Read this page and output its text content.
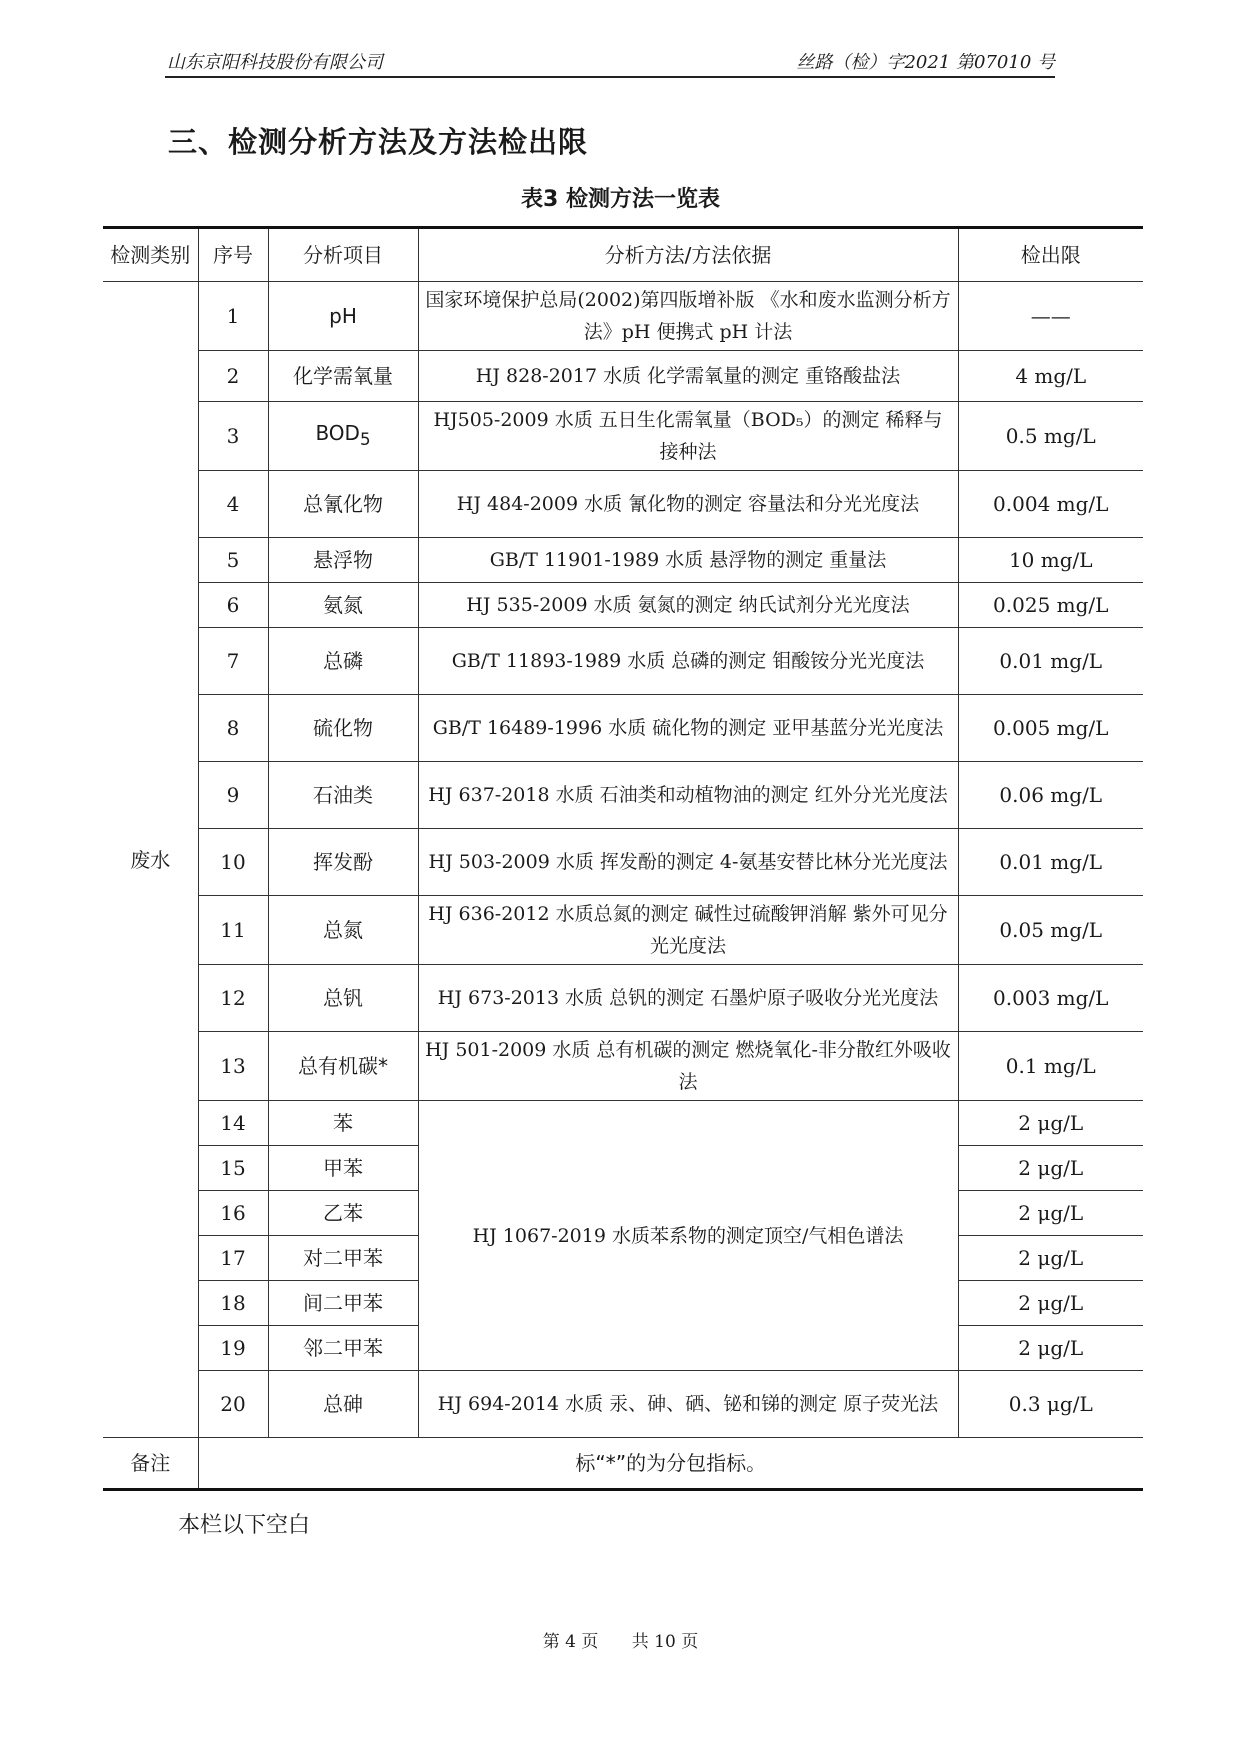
山东京阳科技股份有限公司	丝路（检）字2021 第07010 号
三、检测分析方法及方法检出限
表3 检测方法一览表
检测类别	序号	分析项目	分析方法/方法依据	检出限
废水	1	pH	国家环境保护总局(2002)第四版增补版 《水和废水监测分析方法》pH 便携式 pH 计法	——
	2	化学需氧量	HJ 828-2017 水质 化学需氧量的测定 重铬酸盐法	4 mg/L
	3	$BOD_5$	HJ505-2009 水质 五日生化需氧量（BOD₅）的测定 稀释与接种法	0.5 mg/L
	4	总氰化物	HJ 484-2009 水质 氰化物的测定 容量法和分光光度法	0.004 mg/L
	5	悬浮物	GB/T 11901-1989 水质 悬浮物的测定 重量法	10 mg/L
	6	氨氮	HJ 535-2009 水质 氨氮的测定 纳氏试剂分光光度法	0.025 mg/L
	7	总磷	GB/T 11893-1989 水质 总磷的测定 钼酸铵分光光度法	0.01 mg/L
	8	硫化物	GB/T 16489-1996 水质 硫化物的测定 亚甲基蓝分光光度法	0.005 mg/L
	9	石油类	HJ 637-2018 水质 石油类和动植物油的测定 红外分光光度法	0.06 mg/L
	10	挥发酚	HJ 503-2009 水质 挥发酚的测定 4-氨基安替比林分光光度法	0.01 mg/L
	11	总氮	HJ 636-2012 水质总氮的测定 碱性过硫酸钾消解 紫外可见分光光度法	0.05 mg/L
	12	总钒	HJ 673-2013 水质 总钒的测定 石墨炉原子吸收分光光度法	0.003 mg/L
	13	总有机碳*	HJ 501-2009 水质 总有机碳的测定 燃烧氧化-非分散红外吸收法	0.1 mg/L
	14	苯	HJ 1067-2019 水质苯系物的测定顶空/气相色谱法	2 μg/L
	15	甲苯		2 μg/L
	16	乙苯		2 μg/L
	17	对二甲苯		2 μg/L
	18	间二甲苯		2 μg/L
	19	邻二甲苯		2 μg/L
	20	总砷	HJ 694-2014 水质 汞、砷、硒、铋和锑的测定 原子荧光法	0.3 μg/L
备注	标“*”的为分包指标。			
本栏以下空白
第 4 页 共 10 页
